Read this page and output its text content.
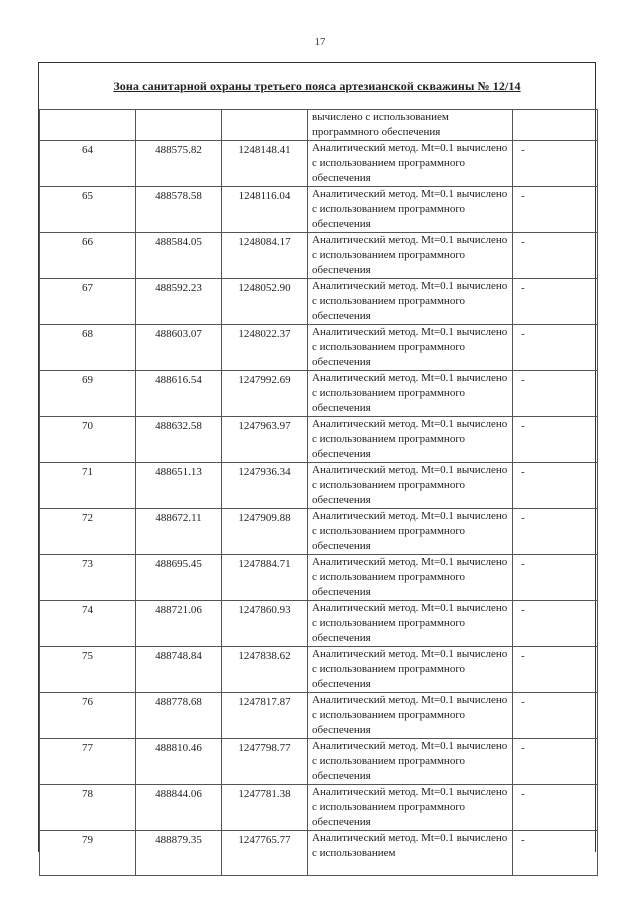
17
Зона санитарной охраны третьего пояса артезианской скважины № 12/14
			вычислено с использованием программного обеспечения	
64	488575.82	1248148.41	Аналитический метод. Mt=0.1 вычислено с использованием программного обеспечения	-
65	488578.58	1248116.04	Аналитический метод. Mt=0.1 вычислено с использованием программного обеспечения	-
66	488584.05	1248084.17	Аналитический метод. Mt=0.1 вычислено с использованием программного обеспечения	-
67	488592.23	1248052.90	Аналитический метод. Mt=0.1 вычислено с использованием программного обеспечения	-
68	488603.07	1248022.37	Аналитический метод. Mt=0.1 вычислено с использованием программного обеспечения	-
69	488616.54	1247992.69	Аналитический метод. Mt=0.1 вычислено с использованием программного обеспечения	-
70	488632.58	1247963.97	Аналитический метод. Mt=0.1 вычислено с использованием программного обеспечения	-
71	488651.13	1247936.34	Аналитический метод. Mt=0.1 вычислено с использованием программного обеспечения	-
72	488672.11	1247909.88	Аналитический метод. Mt=0.1 вычислено с использованием программного обеспечения	-
73	488695.45	1247884.71	Аналитический метод. Mt=0.1 вычислено с использованием программного обеспечения	-
74	488721.06	1247860.93	Аналитический метод. Mt=0.1 вычислено с использованием программного обеспечения	-
75	488748.84	1247838.62	Аналитический метод. Mt=0.1 вычислено с использованием программного обеспечения	-
76	488778.68	1247817.87	Аналитический метод. Mt=0.1 вычислено с использованием программного обеспечения	-
77	488810.46	1247798.77	Аналитический метод. Mt=0.1 вычислено с использованием программного обеспечения	-
78	488844.06	1247781.38	Аналитический метод. Mt=0.1 вычислено с использованием программного обеспечения	-
79	488879.35	1247765.77	Аналитический метод. Mt=0.1 вычислено с использованием	-
